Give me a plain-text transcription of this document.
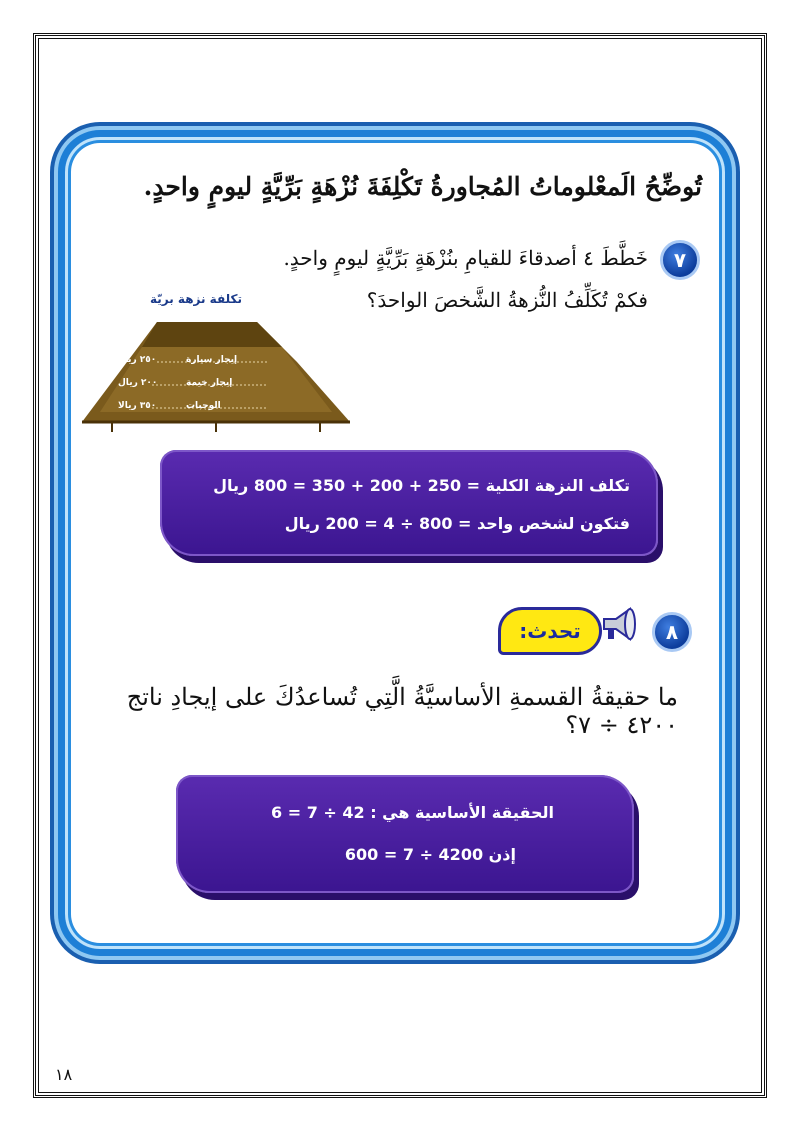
تُوضِّحُ الَمعْلوماتُ المُجاورةُ تَكْلِفَةَ نُزْهَةٍ بَرِّيَّةٍ ليومٍ واحدٍ.
٧
خَطَّطَ ٤ أصدقاءَ للقيامِ بنُزْهَةٍ بَرِّيَّةٍ ليومٍ واحدٍ.
فكمْ تُكَلِّفُ النُّزهةُ الشَّخصَ الواحدَ؟
تكلفة نزهة بريّة
إيجار سيارة
٢٥٠ ريالا
إيجار خيمة
٢٠٠ ريال
الوجبات
٣٥٠ ريالا
تكلف النزهة الكلية = 250 + 200 + 350 = 800 ريال
فتكون لشخص واحد = 800 ÷ 4 = 200 ريال
٨
تحدث:
ما حقيقةُ القسمةِ الأساسيَّةُ الَّتِي تُساعدُكَ على إيجادِ ناتج ٤٢٠٠ ÷ ٧؟
الحقيقة الأساسية هي : 42 ÷ 7 = 6
إذن 4200 ÷ 7 = 600
١٨
